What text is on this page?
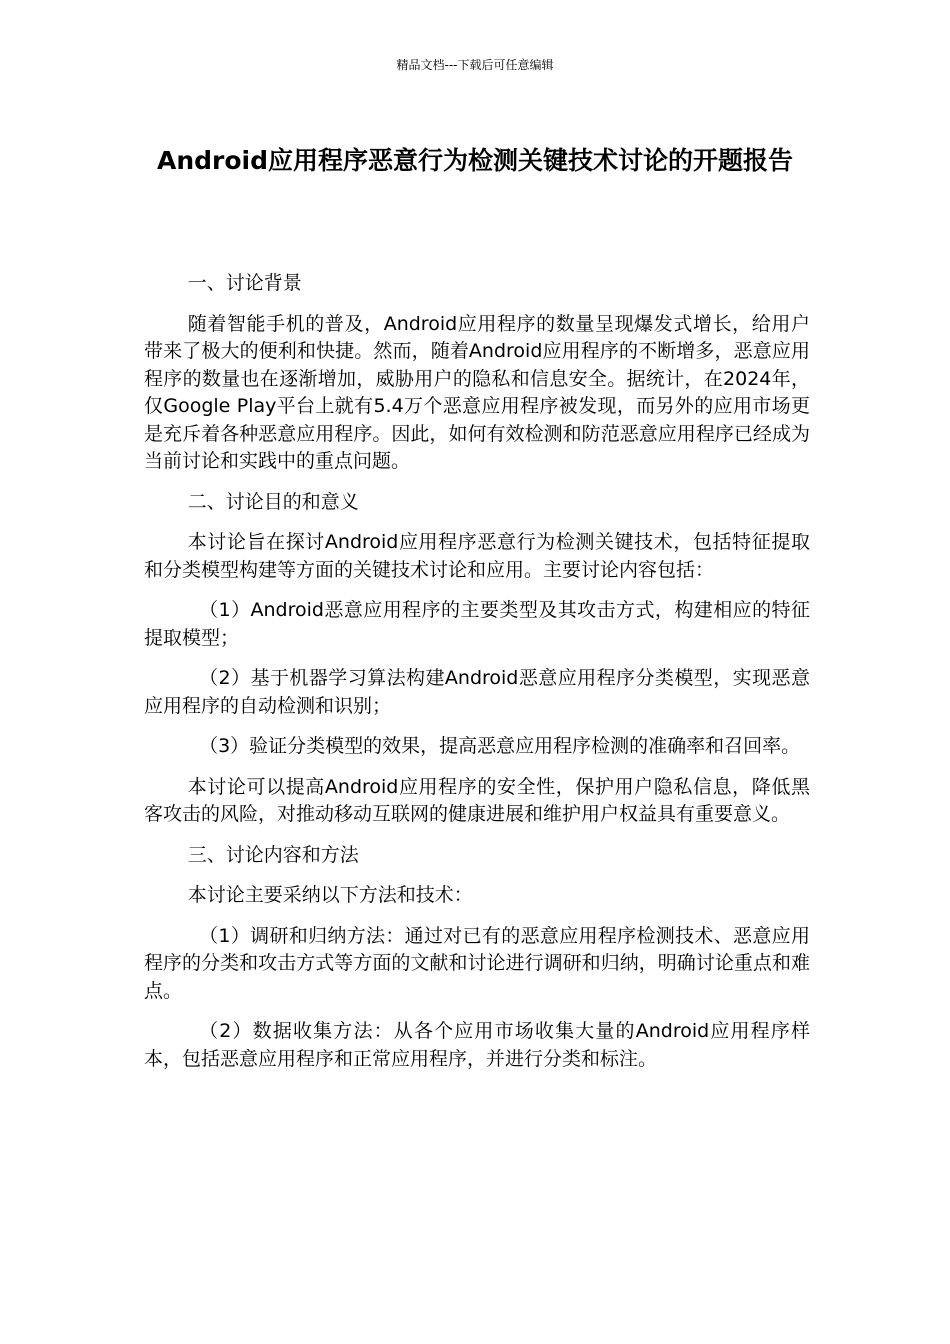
精品文档---下载后可任意编辑
Android应用程序恶意行为检测关键技术讨论的开题报告

一、讨论背景

随着智能手机的普及，Android应用程序的数量呈现爆发式增长，给用户带来了极大的便利和快捷。然而，随着Android应用程序的不断增多，恶意应用程序的数量也在逐渐增加，威胁用户的隐私和信息安全。据统计，在2024年，仅Google Play平台上就有5.4万个恶意应用程序被发现，而另外的应用市场更是充斥着各种恶意应用程序。因此，如何有效检测和防范恶意应用程序已经成为当前讨论和实践中的重点问题。

二、讨论目的和意义

本讨论旨在探讨Android应用程序恶意行为检测关键技术，包括特征提取和分类模型构建等方面的关键技术讨论和应用。主要讨论内容包括：

（1）Android恶意应用程序的主要类型及其攻击方式，构建相应的特征提取模型；

（2）基于机器学习算法构建Android恶意应用程序分类模型，实现恶意应用程序的自动检测和识别；

（3）验证分类模型的效果，提高恶意应用程序检测的准确率和召回率。

本讨论可以提高Android应用程序的安全性，保护用户隐私信息，降低黑客攻击的风险，对推动移动互联网的健康进展和维护用户权益具有重要意义。

三、讨论内容和方法

本讨论主要采纳以下方法和技术：

（1）调研和归纳方法：通过对已有的恶意应用程序检测技术、恶意应用程序的分类和攻击方式等方面的文献和讨论进行调研和归纳，明确讨论重点和难点。

（2）数据收集方法：从各个应用市场收集大量的Android应用程序样本，包括恶意应用程序和正常应用程序，并进行分类和标注。
